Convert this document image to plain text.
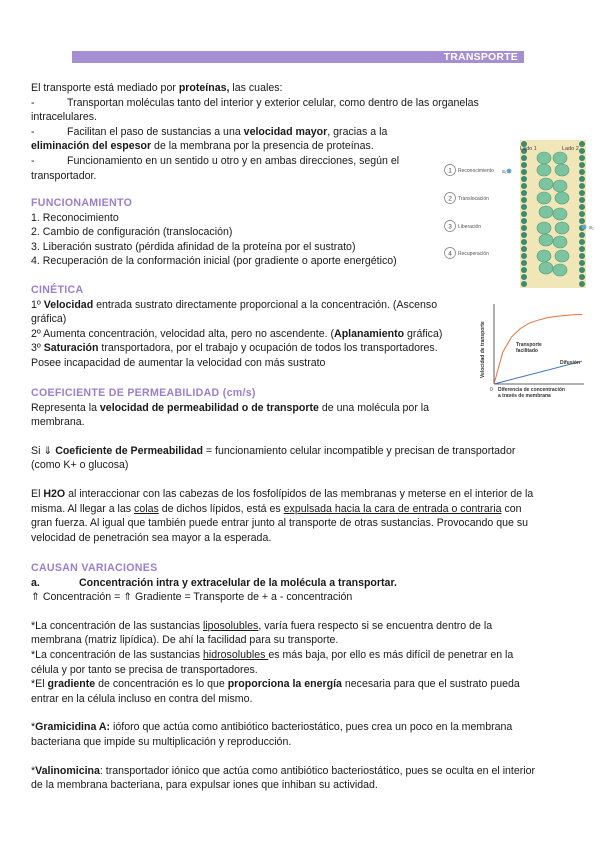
TRANSPORTE
El transporte está mediado por proteínas, las cuales:
-	Transportan moléculas tanto del interior y exterior celular, como dentro de las organelas
intracelulares.
-	Facilitan el paso de sustancias a una velocidad mayor, gracias a la
eliminación del espesor de la membrana por la presencia de proteínas.
-	Funcionamiento en un sentido u otro y en ambas direcciones, según el
transportador.
FUNCIONAMIENTO
1. Reconocimiento
2. Cambio de configuración (translocación)
3. Liberación sustrato (pérdida afinidad de la proteína por el sustrato)
4. Recuperación de la conformación inicial (por gradiente o aporte energético)
CINÉTICA
1º Velocidad entrada sustrato directamente proporcional a la concentración. (Ascenso
gráfica)
2º Aumenta concentración, velocidad alta, pero no ascendente. (Aplanamiento gráfica)
3º Saturación transportadora, por el trabajo y ocupación de todos los transportadores.
Posee incapacidad de aumentar la velocidad con más sustrato
COEFICIENTE DE PERMEABILIDAD (cm/s)
Representa la velocidad de permeabilidad o de transporte de una molécula por la
membrana.
Si ⇓ Coeficiente de Permeabilidad = funcionamiento celular incompatible y precisan de transportador
(como K+ o glucosa)
El H2O al interaccionar con las cabezas de los fosfolípidos de las membranas y meterse en el interior de la
misma. Al llegar a las colas de dichos lípidos, está es expulsada hacia la cara de entrada o contraria con
gran fuerza. Al igual que también puede entrar junto al transporte de otras sustancias. Provocando que su
velocidad de penetración sea mayor a la esperada.
CAUSAN VARIACIONES
a.	Concentración intra y extracelular de la molécula a transportar.
⇑ Concentración = ⇑ Gradiente = Transporte de + a - concentración
*La concentración de las sustancias liposolubles, varía fuera respecto si se encuentra dentro de la
membrana (matriz lipídica). De ahí la facilidad para su transporte.
*La concentración de las sustancias hidrosolubles es más baja, por ello es más difícil de penetrar en la
célula y por tanto se precisa de transportadores.
*El gradiente de concentración es lo que proporciona la energía necesaria para que el sustrato pueda
entrar en la célula incluso en contra del mismo.
*Gramicidina A: ióforo que actúa como antibiótico bacteriostático, pues crea un poco en la membrana
bacteriana que impide su multiplicación y reproducción.
*Valinomicina: transportador iónico que actúa como antibiótico bacteriostático, pues se oculta en el interior
de la membrana bacteriana, para expulsar iones que inhiban su actividad.
Lado 1	Lado 2
1 Reconocimiento
2 Translocación
3 Liberación
4 Recuperación
S₁
S₂
Velocidad de transporte
0
Transporte facilitado
Difusión
Diferencia de concentración a través de membrana
